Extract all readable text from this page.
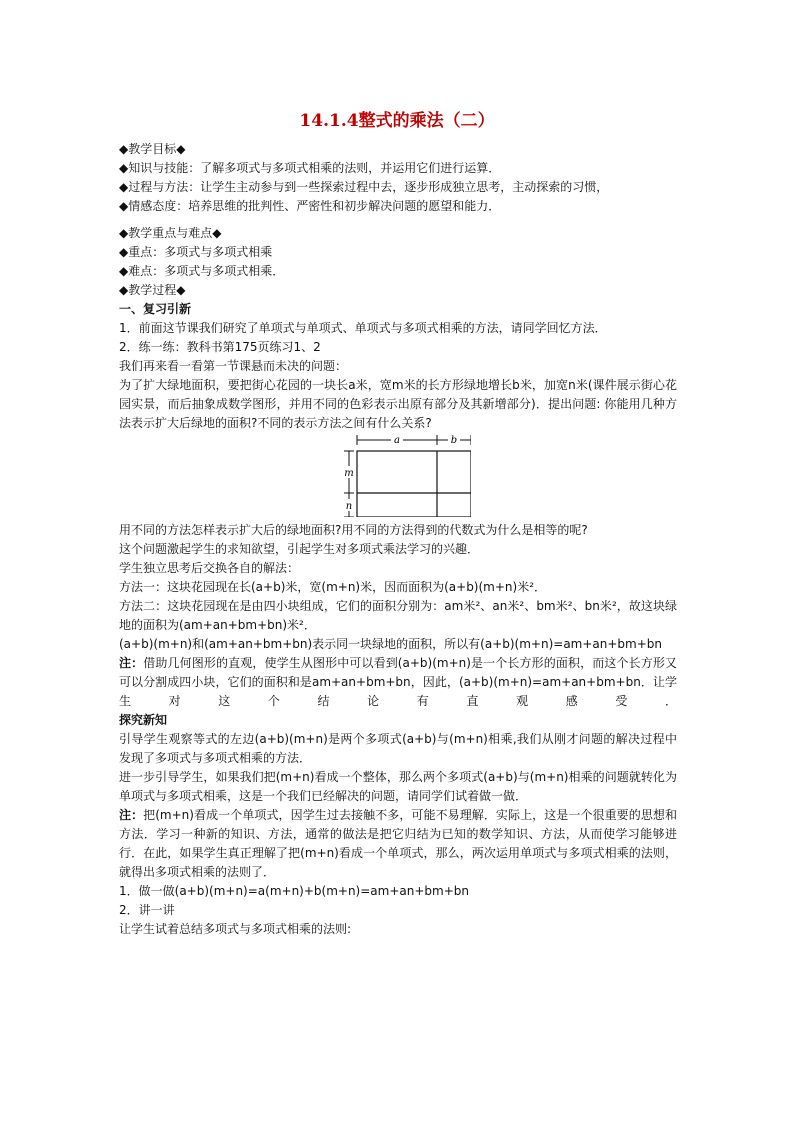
14.1.4整式的乘法（二）

◆教学目标◆

◆知识与技能：了解多项式与多项式相乘的法则，并运用它们进行运算．

◆过程与方法：让学生主动参与到一些探索过程中去，逐步形成独立思考，主动探索的习惯，

◆情感态度：培养思维的批判性、严密性和初步解决问题的愿望和能力．

◆教学重点与难点◆

◆重点：多项式与多项式相乘

◆难点：多项式与多项式相乘．

◆教学过程◆

一、复习引新

1．前面这节课我们研究了单项式与单项式、单项式与多项式相乘的方法，请同学回忆方法．

2．练一练：教科书第175页练习1、2

我们再来看一看第一节课悬而未决的问题：

为了扩大绿地面积，要把街心花园的一块长a米，宽m米的长方形绿地增长b米，加宽n米(课件展示街心花园实景，而后抽象成数学图形，并用不同的色彩表示出原有部分及其新增部分)．提出问题: 你能用几种方法表示扩大后绿地的面积?不同的表示方法之间有什么关系?

a	b
m
n

用不同的方法怎样表示扩大后的绿地面积?用不同的方法得到的代数式为什么是相等的呢?

这个问题激起学生的求知欲望，引起学生对多项式乘法学习的兴趣．

学生独立思考后交换各自的解法：

方法一：这块花园现在长(a+b)米，宽(m+n)米，因而面积为(a+b)(m+n)米²．

方法二：这块花园现在是由四小块组成，它们的面积分别为：am米²、an米²、bm米²、bn米²，故这块绿地的面积为(am+an+bm+bn)米²．

(a+b)(m+n)和(am+an+bm+bn)表示同一块绿地的面积，所以有(a+b)(m+n)=am+an+bm+bn

注：借助几何图形的直观，使学生从图形中可以看到(a+b)(m+n)是一个长方形的面积，而这个长方形又可以分割成四小块，它们的面积和是am+an+bm+bn，因此，(a+b)(m+n)=am+an+bm+bn．让学生对这个结论有直观感受．

探究新知

引导学生观察等式的左边(a+b)(m+n)是两个多项式(a+b)与(m+n)相乘,我们从刚才问题的解决过程中发现了多项式与多项式相乘的方法．

进一步引导学生，如果我们把(m+n)看成一个整体，那么两个多项式(a+b)与(m+n)相乘的问题就转化为单项式与多项式相乘，这是一个我们已经解决的问题，请同学们试着做一做．

注：把(m+n)看成一个单项式，因学生过去接触不多，可能不易理解．实际上，这是一个很重要的思想和方法．学习一种新的知识、方法，通常的做法是把它归结为已知的数学知识、方法，从而使学习能够进行．在此，如果学生真正理解了把(m+n)看成一个单项式，那么，两次运用单项式与多项式相乘的法则，就得出多项式相乘的法则了．

1．做一做(a+b)(m+n)=a(m+n)+b(m+n)=am+an+bm+bn

2．讲一讲

让学生试着总结多项式与多项式相乘的法则:
